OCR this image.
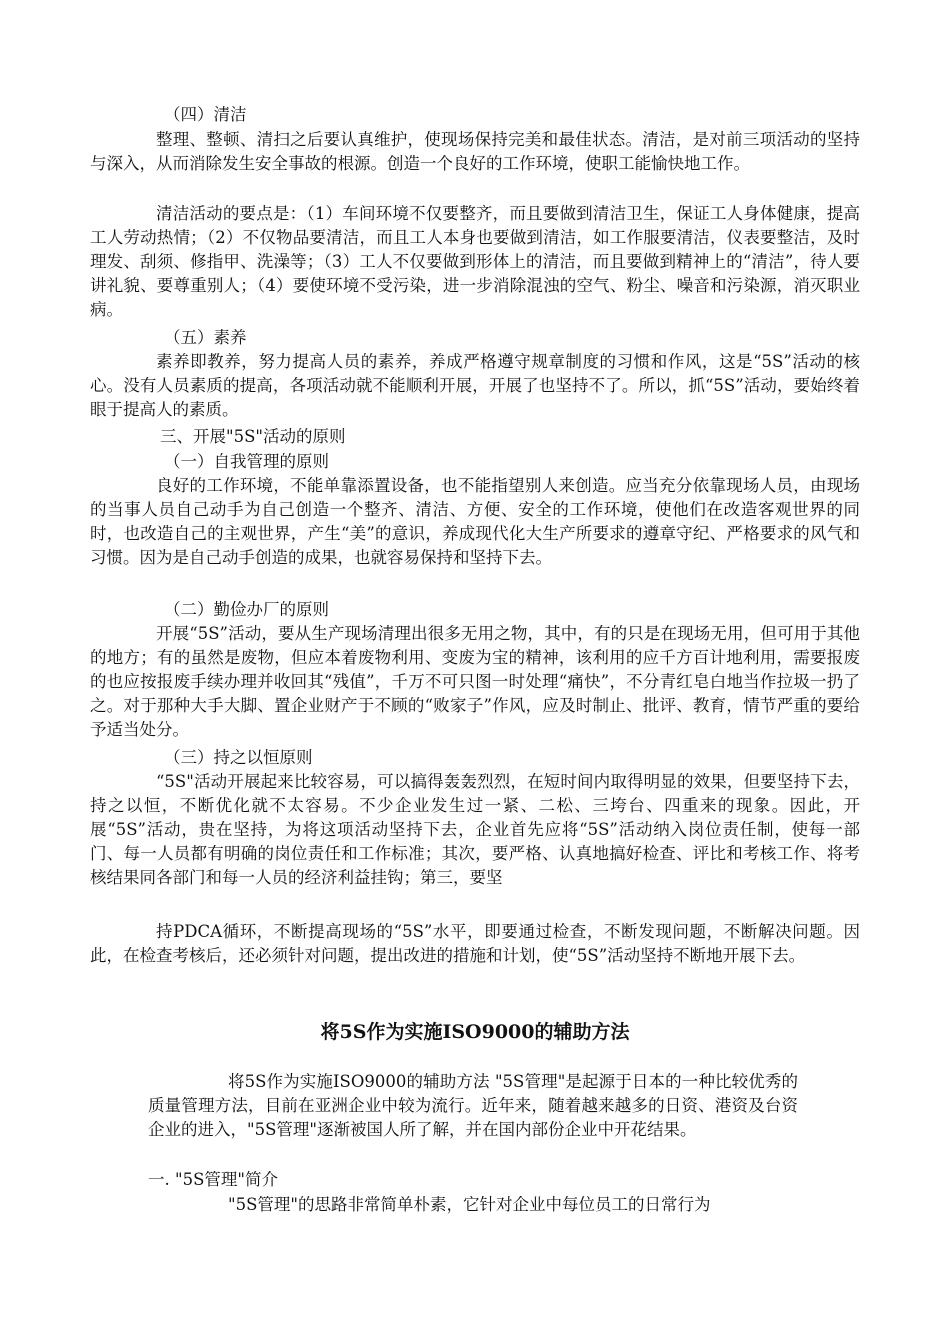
（四）清洁

整理、整顿、清扫之后要认真维护，使现场保持完美和最佳状态。清洁，是对前三项活动的坚持与深入，从而消除发生安全事故的根源。创造一个良好的工作环境，使职工能愉快地工作。

清洁活动的要点是：（1）车间环境不仅要整齐，而且要做到清洁卫生，保证工人身体健康，提高工人劳动热情；（2）不仅物品要清洁，而且工人本身也要做到清洁，如工作服要清洁，仪表要整洁，及时理发、刮须、修指甲、洗澡等；（3）工人不仅要做到形体上的清洁，而且要做到精神上的“清洁”，待人要讲礼貌、要尊重别人；（4）要使环境不受污染，进一步消除混浊的空气、粉尘、噪音和污染源，消灭职业病。

（五）素养

素养即教养，努力提高人员的素养，养成严格遵守规章制度的习惯和作风，这是“5S”活动的核心。没有人员素质的提高，各项活动就不能顺利开展，开展了也坚持不了。所以，抓“5S”活动，要始终着眼于提高人的素质。

三、开展"5S"活动的原则

（一）自我管理的原则

良好的工作环境，不能单靠添置设备，也不能指望别人来创造。应当充分依靠现场人员，由现场的当事人员自己动手为自己创造一个整齐、清洁、方便、安全的工作环境，使他们在改造客观世界的同时，也改造自己的主观世界，产生“美”的意识，养成现代化大生产所要求的遵章守纪、严格要求的风气和习惯。因为是自己动手创造的成果，也就容易保持和坚持下去。

（二）勤俭办厂的原则

开展“5S”活动，要从生产现场清理出很多无用之物，其中，有的只是在现场无用，但可用于其他的地方；有的虽然是废物，但应本着废物利用、变废为宝的精神，该利用的应千方百计地利用，需要报废的也应按报废手续办理并收回其“残值”，千万不可只图一时处理“痛快”，不分青红皂白地当作拉圾一扔了之。对于那种大手大脚、置企业财产于不顾的“败家子”作风，应及时制止、批评、教育，情节严重的要给予适当处分。

（三）持之以恒原则

“5S"活动开展起来比较容易，可以搞得轰轰烈烈，在短时间内取得明显的效果，但要坚持下去，持之以恒，不断优化就不太容易。不少企业发生过一紧、二松、三垮台、四重来的现象。因此，开展“5S”活动，贵在坚持，为将这项活动坚持下去，企业首先应将“5S”活动纳入岗位责任制，使每一部门、每一人员都有明确的岗位责任和工作标准；其次，要严格、认真地搞好检查、评比和考核工作、将考核结果同各部门和每一人员的经济利益挂钩；第三，要坚

持PDCA循环，不断提高现场的“5S”水平，即要通过检查，不断发现问题，不断解决问题。因此，在检查考核后，还必须针对问题，提出改进的措施和计划，使“5S”活动坚持不断地开展下去。

将5S作为实施ISO9000的辅助方法

将5S作为实施ISO9000的辅助方法 "5S管理"是起源于日本的一种比较优秀的质量管理方法，目前在亚洲企业中较为流行。近年来，随着越来越多的日资、港资及台资企业的进入，"5S管理"逐渐被国人所了解，并在国内部份企业中开花结果。

一. "5S管理"简介

"5S管理"的思路非常简单朴素，它针对企业中每位员工的日常行为
